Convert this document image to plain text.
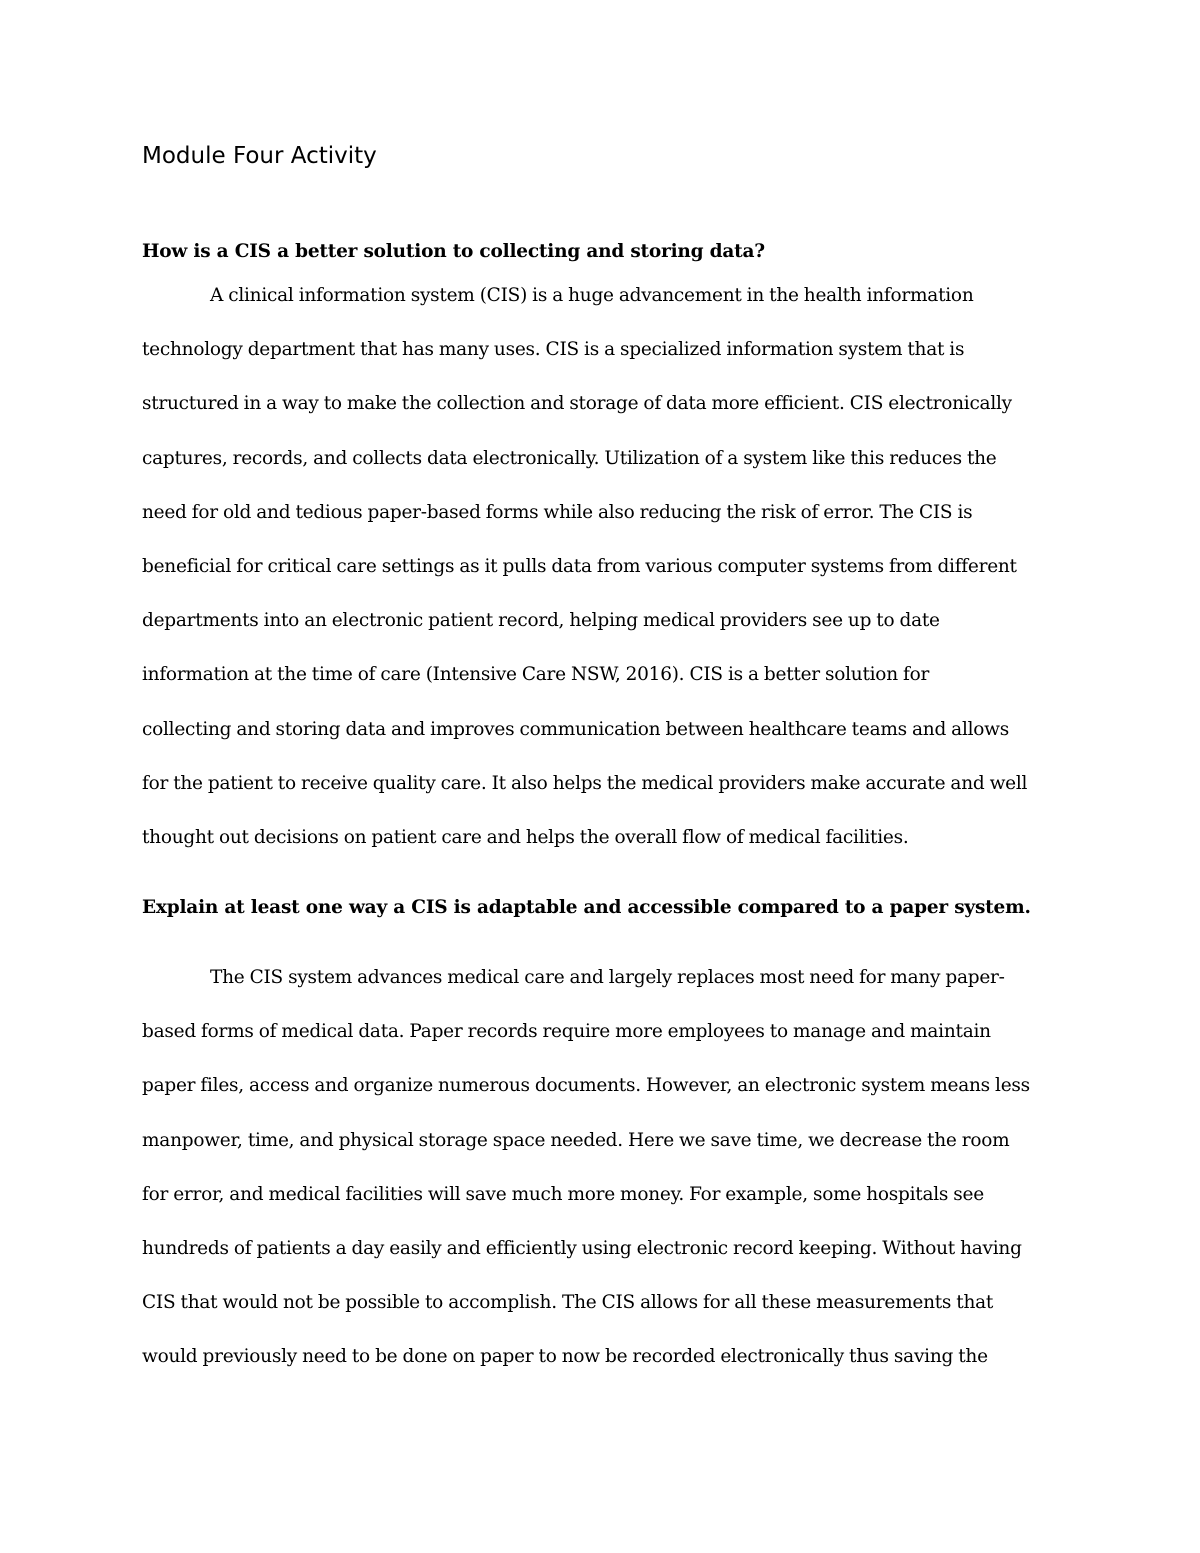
Module Four Activity
How is a CIS a better solution to collecting and storing data?
A clinical information system (CIS) is a huge advancement in the health information
technology department that has many uses. CIS is a specialized information system that is
structured in a way to make the collection and storage of data more efficient. CIS electronically
captures, records, and collects data electronically. Utilization of a system like this reduces the
need for old and tedious paper-based forms while also reducing the risk of error. The CIS is
beneficial for critical care settings as it pulls data from various computer systems from different
departments into an electronic patient record, helping medical providers see up to date
information at the time of care (Intensive Care NSW, 2016). CIS is a better solution for
collecting and storing data and improves communication between healthcare teams and allows
for the patient to receive quality care. It also helps the medical providers make accurate and well
thought out decisions on patient care and helps the overall flow of medical facilities.
Explain at least one way a CIS is adaptable and accessible compared to a paper system.
The CIS system advances medical care and largely replaces most need for many paper-
based forms of medical data. Paper records require more employees to manage and maintain
paper files, access and organize numerous documents. However, an electronic system means less
manpower, time, and physical storage space needed. Here we save time, we decrease the room
for error, and medical facilities will save much more money. For example, some hospitals see
hundreds of patients a day easily and efficiently using electronic record keeping. Without having
CIS that would not be possible to accomplish. The CIS allows for all these measurements that
would previously need to be done on paper to now be recorded electronically thus saving the
